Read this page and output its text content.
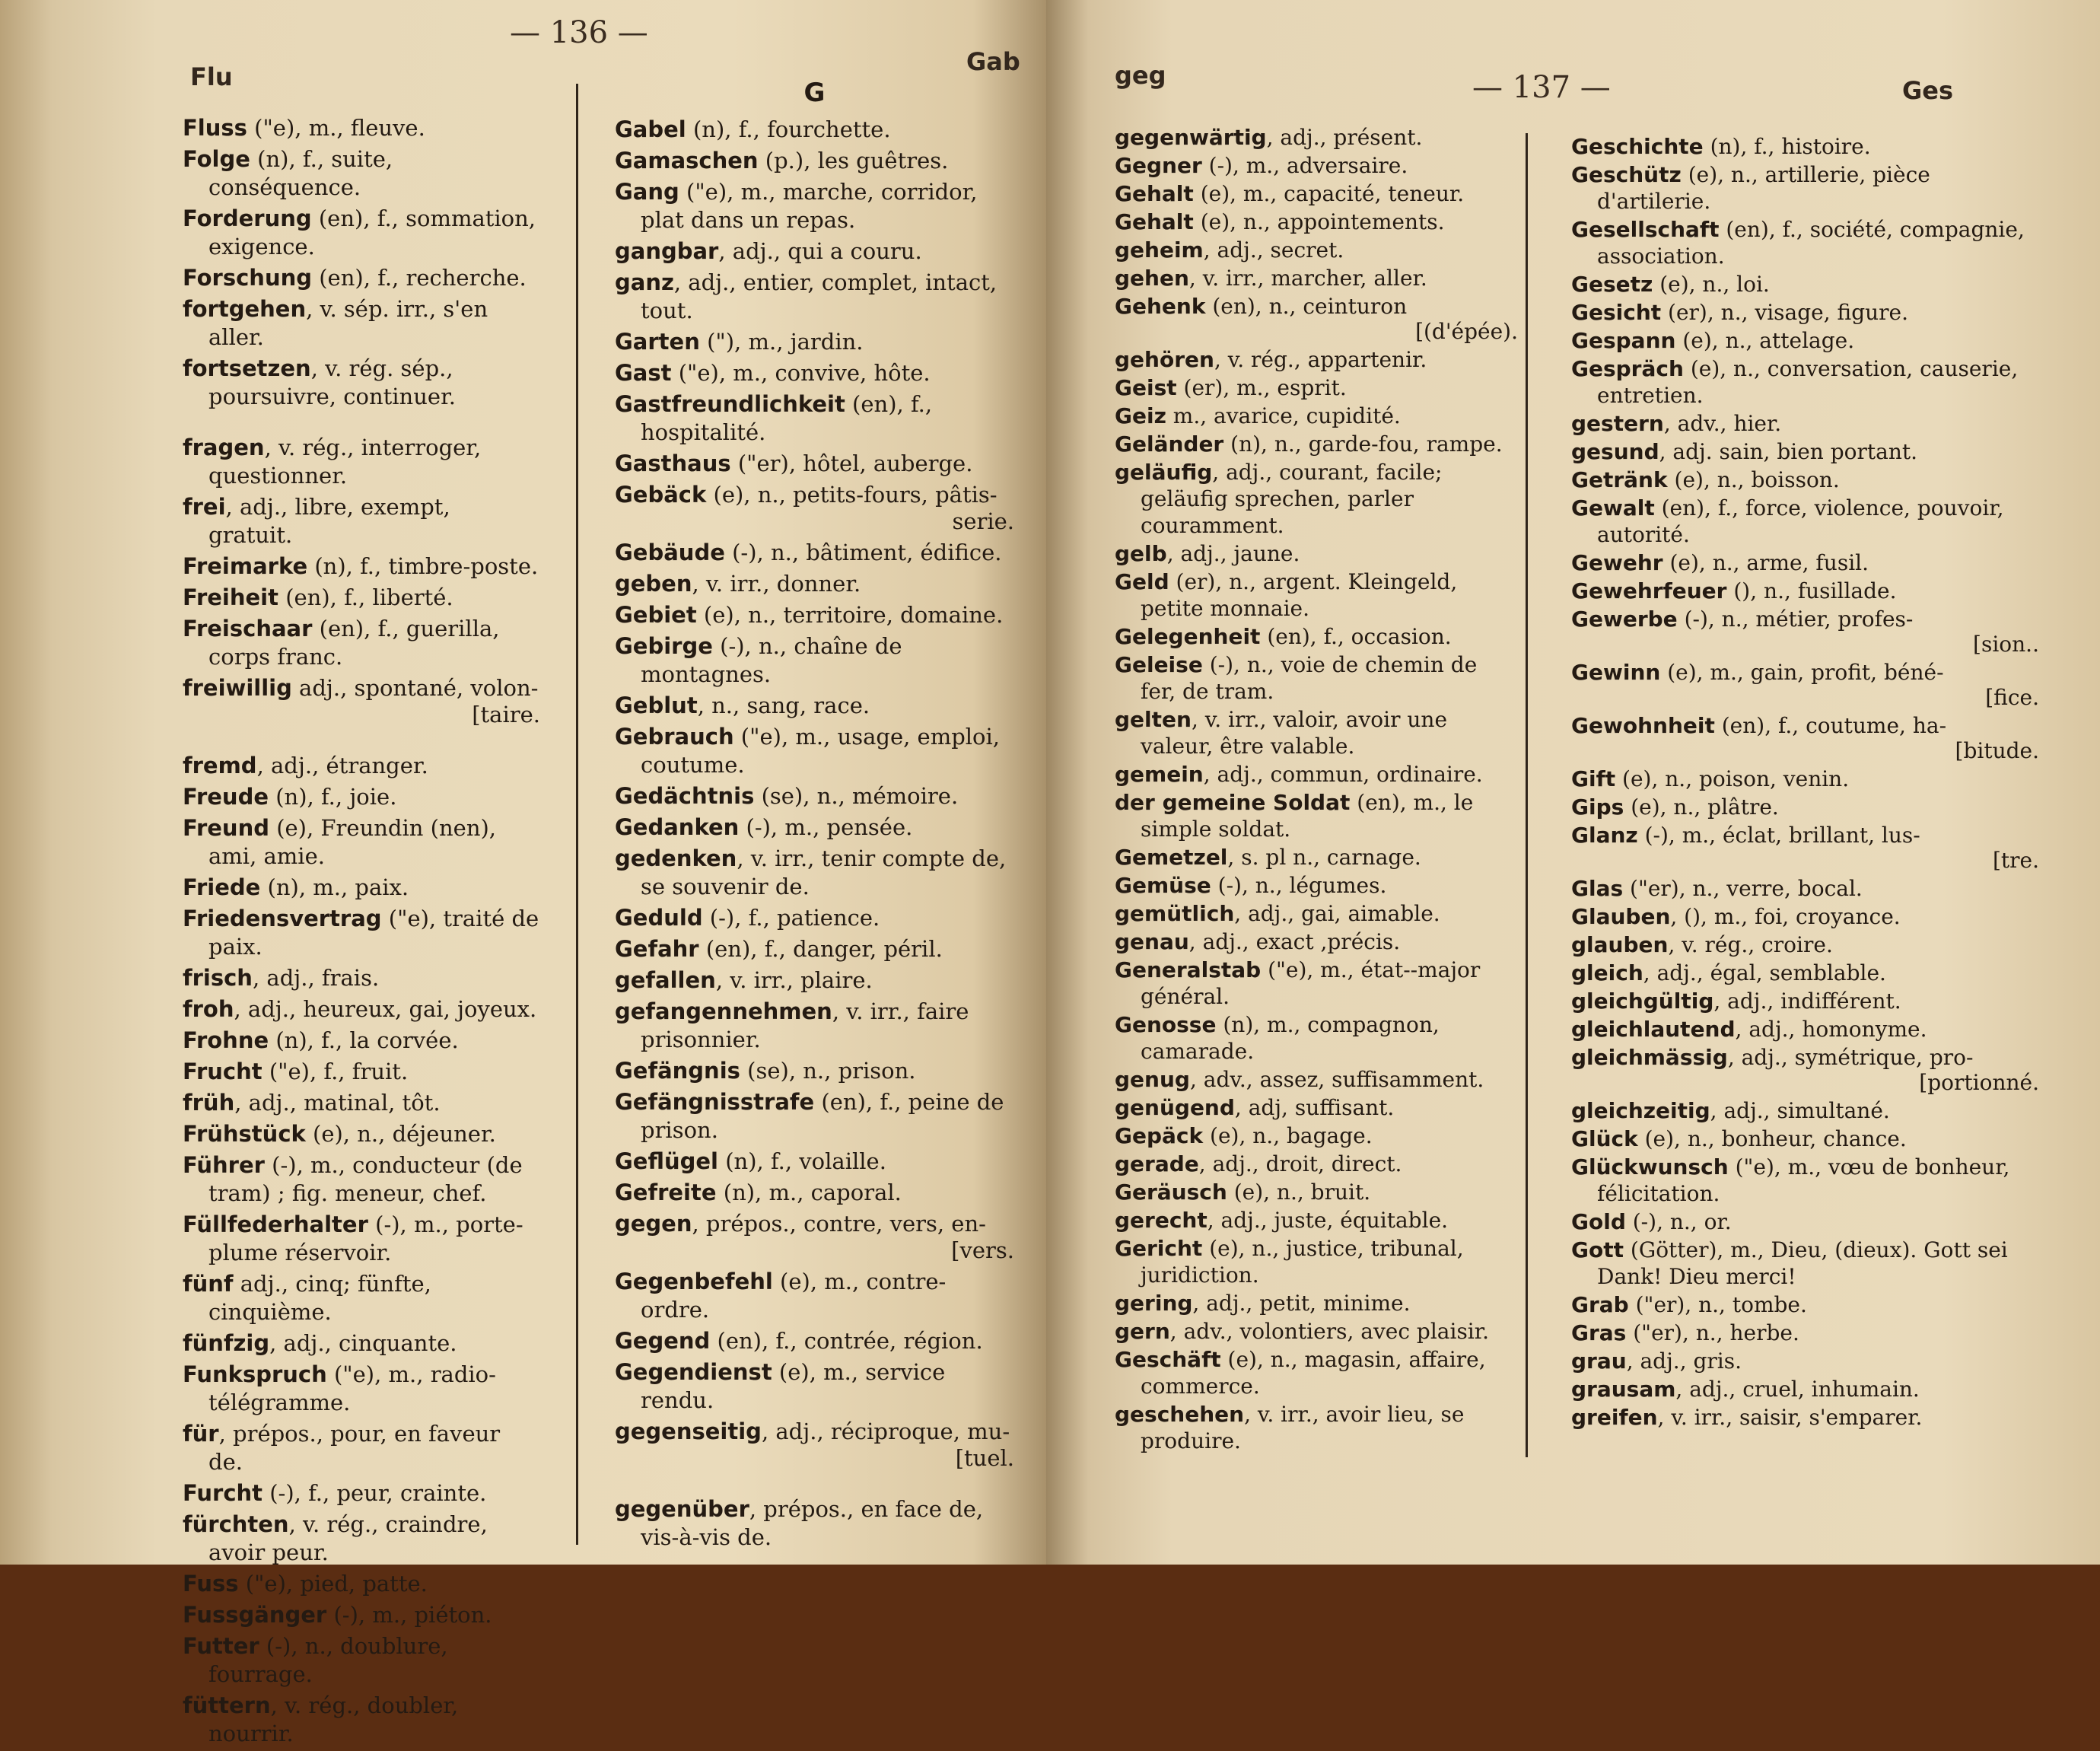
— 136 —
Flu
Gab

Fluss ("e), m., fleuve.

Folge (n), f., suite, conséquence.

Forderung (en), f., sommation, exigence.

Forschung (en), f., recherche.

fortgehen, v. sép. irr., s'en aller.

fortsetzen, v. rég. sép., poursuivre, continuer.

fragen, v. rég., interroger, questionner.

frei, adj., libre, exempt, gratuit.

Freimarke (n), f., timbre-poste.

Freiheit (en), f., liberté.

Freischaar (en), f., guerilla, corps franc.

freiwillig adj., spontané, volon-
[taire.

fremd, adj., étranger.

Freude (n), f., joie.

Freund (e), Freundin (nen), ami, amie.

Friede (n), m., paix.

Friedensvertrag ("e), traité de paix.

frisch, adj., frais.

froh, adj., heureux, gai, joyeux.

Frohne (n), f., la corvée.

Frucht ("e), f., fruit.

früh, adj., matinal, tôt.

Frühstück (e), n., déjeuner.

Führer (-), m., conducteur (de tram) ; fig. meneur, chef.

Füllfederhalter (-), m., porte-plume réservoir.

fünf adj., cinq; fünfte, cinquième.

fünfzig, adj., cinquante.

Funkspruch ("e), m., radio-télégramme.

für, prépos., pour, en faveur de.

Furcht (-), f., peur, crainte.

fürchten, v. rég., craindre, avoir peur.

Fuss ("e), pied, patte.

Fussgänger (-), m., piéton.

Futter (-), n., doublure, fourrage.

füttern, v. rég., doubler, nourrir.

G

Gabel (n), f., fourchette.

Gamaschen (p.), les guêtres.

Gang ("e), m., marche, corridor, plat dans un repas.

gangbar, adj., qui a couru.

ganz, adj., entier, complet, intact, tout.

Garten ("), m., jardin.

Gast ("e), m., convive, hôte.

Gastfreundlichkeit (en), f., hospitalité.

Gasthaus ("er), hôtel, auberge.

Gebäck (e), n., petits-fours, pâtis-
serie.

Gebäude (-), n., bâtiment, édifice.

geben, v. irr., donner.

Gebiet (e), n., territoire, domaine.

Gebirge (-), n., chaîne de montagnes.

Geblut, n., sang, race.

Gebrauch ("e), m., usage, emploi, coutume.

Gedächtnis (se), n., mémoire.

Gedanken (-), m., pensée.

gedenken, v. irr., tenir compte de, se souvenir de.

Geduld (-), f., patience.

Gefahr (en), f., danger, péril.

gefallen, v. irr., plaire.

gefangennehmen, v. irr., faire prisonnier.

Gefängnis (se), n., prison.

Gefängnisstrafe (en), f., peine de prison.

Geflügel (n), f., volaille.

Gefreite (n), m., caporal.

gegen, prépos., contre, vers, en-
[vers.

Gegenbefehl (e), m., contre-ordre.

Gegend (en), f., contrée, région.

Gegendienst (e), m., service rendu.

gegenseitig, adj., réciproque, mu-
[tuel.

gegenüber, prépos., en face de, vis-à-vis de.

— 137 —
geg
Ges

gegenwärtig, adj., présent.

Gegner (-), m., adversaire.

Gehalt (e), m., capacité, teneur.

Gehalt (e), n., appointements.

geheim, adj., secret.

gehen, v. irr., marcher, aller.

Gehenk (en), n., ceinturon
[(d'épée).

gehören, v. rég., appartenir.

Geist (er), m., esprit.

Geiz m., avarice, cupidité.

Geländer (n), n., garde-fou, rampe.

geläufig, adj., courant, facile; geläufig sprechen, parler couramment.

gelb, adj., jaune.

Geld (er), n., argent. Kleingeld, petite monnaie.

Gelegenheit (en), f., occasion.

Geleise (-), n., voie de chemin de fer, de tram.

gelten, v. irr., valoir, avoir une valeur, être valable.

gemein, adj., commun, ordinaire.

der gemeine Soldat (en), m., le simple soldat.

Gemetzel, s. pl n., carnage.

Gemüse (-), n., légumes.

gemütlich, adj., gai, aimable.

genau, adj., exact ,précis.

Generalstab ("e), m., état--major général.

Genosse (n), m., compagnon, camarade.

genug, adv., assez, suffisamment.

genügend, adj, suffisant.

Gepäck (e), n., bagage.

gerade, adj., droit, direct.

Geräusch (e), n., bruit.

gerecht, adj., juste, équitable.

Gericht (e), n., justice, tribunal, juridiction.

gering, adj., petit, minime.

gern, adv., volontiers, avec plaisir.

Geschäft (e), n., magasin, affaire, commerce.

geschehen, v. irr., avoir lieu, se produire.

Geschichte (n), f., histoire.

Geschütz (e), n., artillerie, pièce d'artilerie.

Gesellschaft (en), f., société, compagnie, association.

Gesetz (e), n., loi.

Gesicht (er), n., visage, figure.

Gespann (e), n., attelage.

Gespräch (e), n., conversation, causerie, entretien.

gestern, adv., hier.

gesund, adj. sain, bien portant.

Getränk (e), n., boisson.

Gewalt (en), f., force, violence, pouvoir, autorité.

Gewehr (e), n., arme, fusil.

Gewehrfeuer (), n., fusillade.

Gewerbe (-), n., métier, profes-
[sion..

Gewinn (e), m., gain, profit, béné-
[fice.

Gewohnheit (en), f., coutume, ha-
[bitude.

Gift (e), n., poison, venin.

Gips (e), n., plâtre.

Glanz (-), m., éclat, brillant, lus-
[tre.

Glas ("er), n., verre, bocal.

Glauben, (), m., foi, croyance.

glauben, v. rég., croire.

gleich, adj., égal, semblable.

gleichgültig, adj., indifférent.

gleichlautend, adj., homonyme.

gleichmässig, adj., symétrique, pro-
[portionné.

gleichzeitig, adj., simultané.

Glück (e), n., bonheur, chance.

Glückwunsch ("e), m., vœu de bonheur, félicitation.

Gold (-), n., or.

Gott (Götter), m., Dieu, (dieux). Gott sei Dank! Dieu merci!

Grab ("er), n., tombe.

Gras ("er), n., herbe.

grau, adj., gris.

grausam, adj., cruel, inhumain.

greifen, v. irr., saisir, s'emparer.
